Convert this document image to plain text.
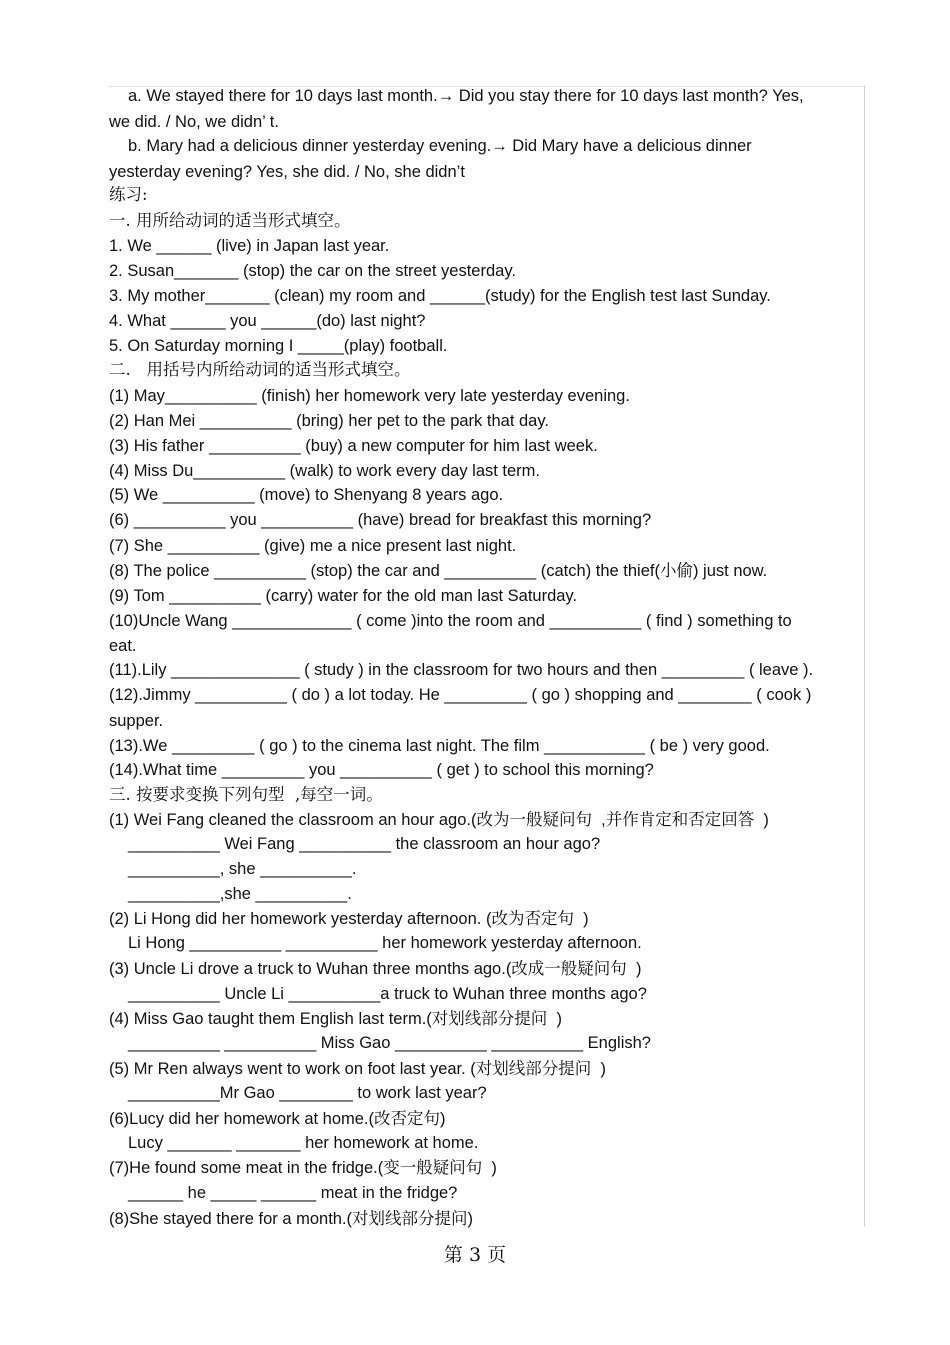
a. We stayed there for 10 days last month.→ Did you stay there for 10 days last month? Yes,
we did. / No, we didn’ t.
b. Mary had a delicious dinner yesterday evening.→ Did Mary have a delicious dinner
yesterday evening? Yes, she did. / No, she didn’t
练习:
一. 用所给动词的适当形式填空。
1. We ______ (live) in Japan last year.
2. Susan_______ (stop) the car on the street yesterday.
3. My mother_______ (clean) my room and ______(study) for the English test last Sunday.
4. What ______ you ______(do) last night?
5. On Saturday morning I _____(play) football.
二.   用括号内所给动词的适当形式填空。
(1) May__________ (finish) her homework very late yesterday evening.
(2) Han Mei __________ (bring) her pet to the park that day.
(3) His father __________ (buy) a new computer for him last week.
(4) Miss Du__________ (walk) to work every day last term.
(5) We __________ (move) to Shenyang 8 years ago.
(6) __________ you __________ (have) bread for breakfast this morning?
(7) She __________ (give) me a nice present last night.
(8) The police __________ (stop) the car and __________ (catch) the thief(小偷) just now.
(9) Tom __________ (carry) water for the old man last Saturday.
(10)Uncle Wang _____________ ( come )into the room and __________ ( find ) something to
eat.
(11).Lily ______________ ( study ) in the classroom for two hours and then _________ ( leave ).
(12).Jimmy __________ ( do ) a lot today. He _________ ( go ) shopping and ________ ( cook )
supper.
(13).We _________ ( go ) to the cinema last night. The film ___________ ( be ) very good.
(14).What time _________ you __________ ( get ) to school this morning?
三. 按要求变换下列句型  ,每空一词。
(1) Wei Fang cleaned the classroom an hour ago.(改为一般疑问句  ,并作肯定和否定回答  )
__________ Wei Fang __________ the classroom an hour ago?
__________, she __________.
__________,she __________.
(2) Li Hong did her homework yesterday afternoon. (改为否定句  )
Li Hong __________ __________ her homework yesterday afternoon.
(3) Uncle Li drove a truck to Wuhan three months ago.(改成一般疑问句  )
__________ Uncle Li __________a truck to Wuhan three months ago?
(4) Miss Gao taught them English last term.(对划线部分提问  )
__________ __________ Miss Gao __________ __________ English?
(5) Mr Ren always went to work on foot last year. (对划线部分提问  )
__________Mr Gao ________ to work last year?
(6)Lucy did her homework at home.(改否定句)
Lucy _______ _______ her homework at home.
(7)He found some meat in the fridge.(变一般疑问句  )
______ he _____ ______ meat in the fridge?
(8)She stayed there for a month.(对划线部分提问)
第 3 页
